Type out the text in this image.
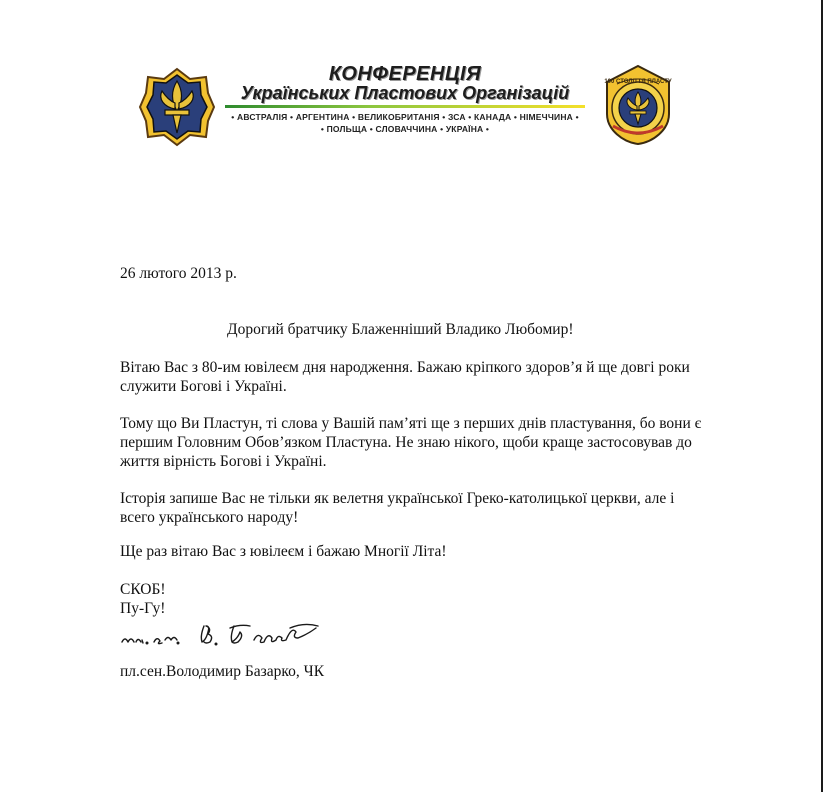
КОНФЕРЕНЦІЯ
Українських Пластових Організацій
• АВСТРАЛІЯ • АРГЕНТИНА • ВЕЛИКОБРИТАНІЯ • ЗСА • КАНАДА • НІМЕЧЧИНА •
• ПОЛЬЩА • СЛОВАЧЧИНА • УКРАЇНА •
100 СТОЛІТТЯ ПЛАСТУ
26 лютого 2013 р.
Дорогий братчику Блаженніший Владико Любомир!
Вітаю Вас з 80-им ювілеєм дня народження. Бажаю кріпкого здоров’я й ще довгі роки служити Богові і Україні.
Тому що Ви Пластун, ті слова у Вашій пам’яті ще з перших днів пластування, бо вони є першим Головним Обов’язком Пластуна. Не знаю нікого, щоби краще застосовував до життя вірність Богові і Україні.
Історія запише Вас не тільки як велетня української Греко-католицької церкви, але і всего українського народу!
Ще раз вітаю Вас з ювілеєм і бажаю Многії Літа!
СКОБ!
Пу-Гу!
пл.сен.Володимир Базарко, ЧК
